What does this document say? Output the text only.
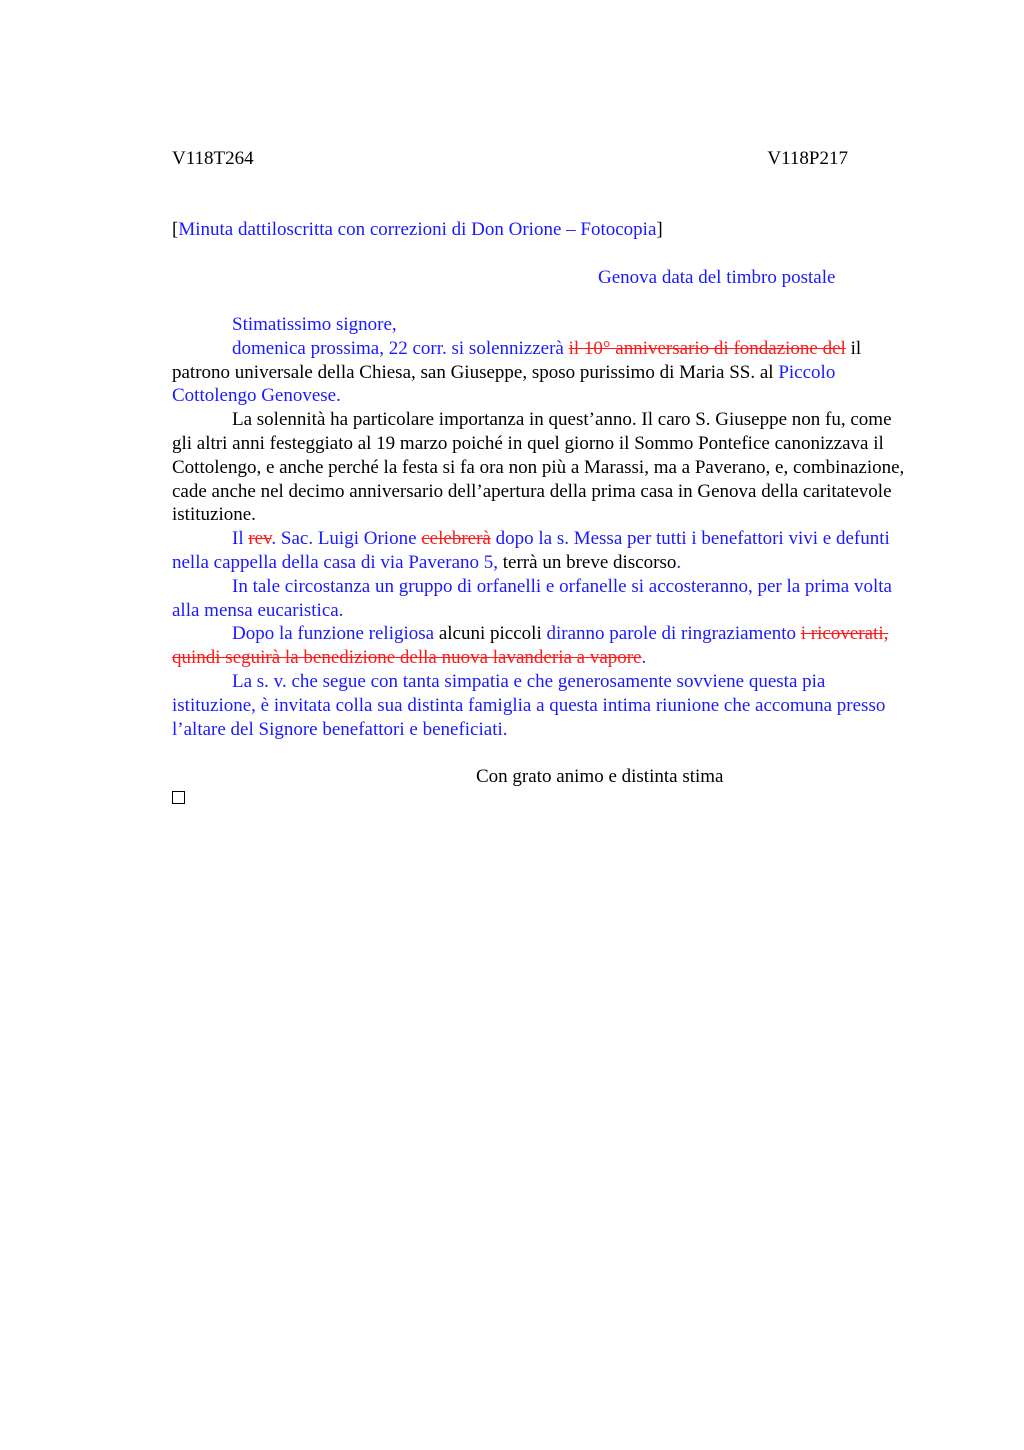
V118T264	V118P217
[Minuta dattiloscritta con correzioni di Don Orione – Fotocopia]
Genova data del timbro postale

Stimatissimo signore,

domenica prossima, 22 corr. si solennizzerà il 10° anniversario di fondazione del il patrono universale della Chiesa, san Giuseppe, sposo purissimo di Maria SS. al Piccolo Cottolengo Genovese.

La solennità ha particolare importanza in quest’anno. Il caro S. Giuseppe non fu, come gli altri anni festeggiato al 19 marzo poiché in quel giorno il Sommo Pontefice canonizzava il Cottolengo, e anche perché la festa si fa ora non più a Marassi, ma a Paverano, e, combinazione, cade anche nel decimo anniversario dell’apertura della prima casa in Genova della caritatevole istituzione.

Il rev. Sac. Luigi Orione celebrerà dopo la s. Messa per tutti i benefattori vivi e defunti nella cappella della casa di via Paverano 5, terrà un breve discorso.

In tale circostanza un gruppo di orfanelli e orfanelle si accosteranno, per la prima volta alla mensa eucaristica.

Dopo la funzione religiosa alcuni piccoli diranno parole di ringraziamento i ricoverati, quindi seguirà la benedizione della nuova lavanderia a vapore.

La s. v. che segue con tanta simpatia e che generosamente sovviene questa pia istituzione, è invitata colla sua distinta famiglia a questa intima riunione che accomuna presso l’altare del Signore benefattori e beneficiati.

Con grato animo e distinta stima
